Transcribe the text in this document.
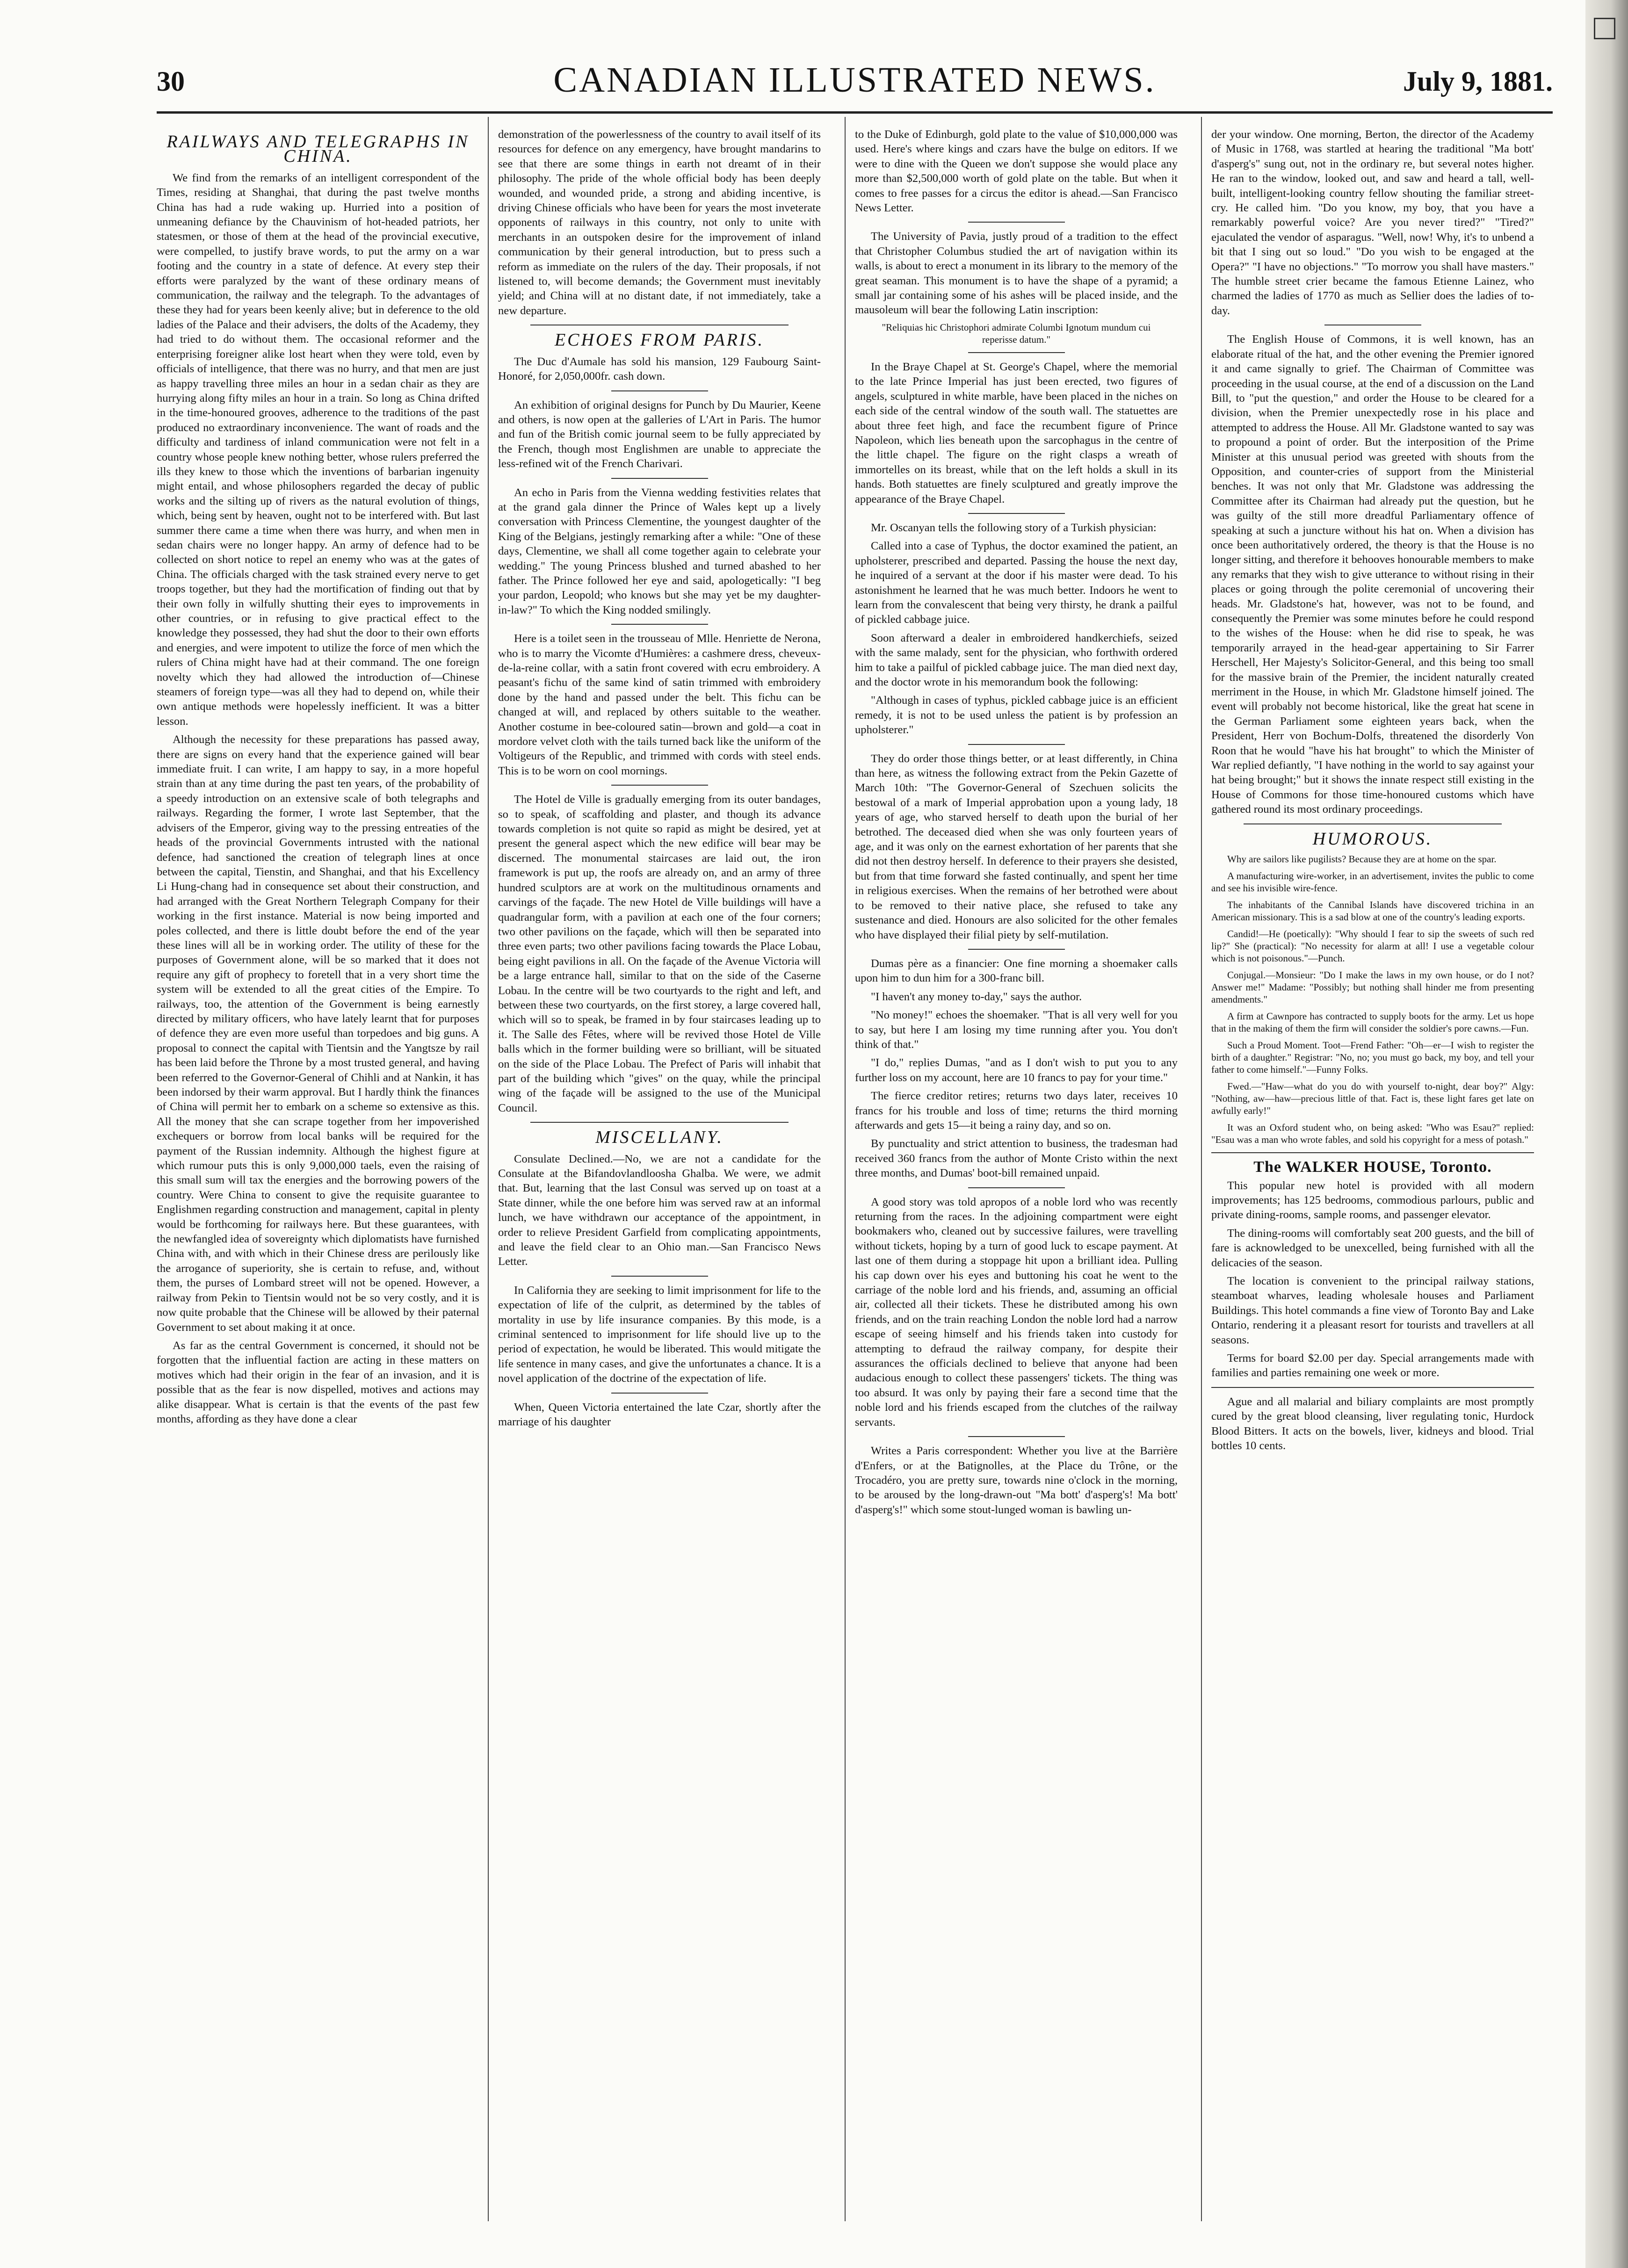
30	CANADIAN ILLUSTRATED NEWS.	July 9, 1881.
RAILWAYS AND TELEGRAPHS IN CHINA.

We find from the remarks of an intelligent correspondent of the Times, residing at Shanghai, that during the past twelve months China has had a rude waking up. Hurried into a position of unmeaning defiance by the Chauvinism of hot-headed patriots, her statesmen, or those of them at the head of the provincial executive, were compelled, to justify brave words, to put the army on a war footing and the country in a state of defence. At every step their efforts were paralyzed by the want of these ordinary means of communication, the railway and the telegraph. To the advantages of these they had for years been keenly alive; but in deference to the old ladies of the Palace and their advisers, the dolts of the Academy, they had tried to do without them. The occasional reformer and the enterprising foreigner alike lost heart when they were told, even by officials of intelligence, that there was no hurry, and that men are just as happy travelling three miles an hour in a sedan chair as they are hurrying along fifty miles an hour in a train. So long as China drifted in the time-honoured grooves, adherence to the traditions of the past produced no extraordinary inconvenience. The want of roads and the difficulty and tardiness of inland communication were not felt in a country whose people knew nothing better, whose rulers preferred the ills they knew to those which the inventions of barbarian ingenuity might entail, and whose philosophers regarded the decay of public works and the silting up of rivers as the natural evolution of things, which, being sent by heaven, ought not to be interfered with. But last summer there came a time when there was hurry, and when men in sedan chairs were no longer happy. An army of defence had to be collected on short notice to repel an enemy who was at the gates of China. The officials charged with the task strained every nerve to get troops together, but they had the mortification of finding out that by their own folly in wilfully shutting their eyes to improvements in other countries, or in refusing to give practical effect to the knowledge they possessed, they had shut the door to their own efforts and energies, and were impotent to utilize the force of men which the rulers of China might have had at their command. The one foreign novelty which they had allowed the introduction of—Chinese steamers of foreign type—was all they had to depend on, while their own antique methods were hopelessly inefficient. It was a bitter lesson.

Although the necessity for these preparations has passed away, there are signs on every hand that the experience gained will bear immediate fruit. I can write, I am happy to say, in a more hopeful strain than at any time during the past ten years, of the probability of a speedy introduction on an extensive scale of both telegraphs and railways. Regarding the former, I wrote last September, that the advisers of the Emperor, giving way to the pressing entreaties of the heads of the provincial Governments intrusted with the national defence, had sanctioned the creation of telegraph lines at once between the capital, Tienstin, and Shanghai, and that his Excellency Li Hung-chang had in consequence set about their construction, and had arranged with the Great Northern Telegraph Company for their working in the first instance. Material is now being imported and poles collected, and there is little doubt before the end of the year these lines will all be in working order. The utility of these for the purposes of Government alone, will be so marked that it does not require any gift of prophecy to foretell that in a very short time the system will be extended to all the great cities of the Empire. To railways, too, the attention of the Government is being earnestly directed by military officers, who have lately learnt that for purposes of defence they are even more useful than torpedoes and big guns. A proposal to connect the capital with Tientsin and the Yangtsze by rail has been laid before the Throne by a most trusted general, and having been referred to the Governor-General of Chihli and at Nankin, it has been indorsed by their warm approval. But I hardly think the finances of China will permit her to embark on a scheme so extensive as this. All the money that she can scrape together from her impoverished exchequers or borrow from local banks will be required for the payment of the Russian indemnity. Although the highest figure at which rumour puts this is only 9,000,000 taels, even the raising of this small sum will tax the energies and the borrowing powers of the country. Were China to consent to give the requisite guarantee to Englishmen regarding construction and management, capital in plenty would be forthcoming for railways here. But these guarantees, with the newfangled idea of sovereignty which diplomatists have furnished China with, and with which in their Chinese dress are perilously like the arrogance of superiority, she is certain to refuse, and, without them, the purses of Lombard street will not be opened. However, a railway from Pekin to Tientsin would not be so very costly, and it is now quite probable that the Chinese will be allowed by their paternal Government to set about making it at once.

As far as the central Government is concerned, it should not be forgotten that the influential faction are acting in these matters on motives which had their origin in the fear of an invasion, and it is possible that as the fear is now dispelled, motives and actions may alike disappear. What is certain is that the events of the past few months, affording as they have done a clear

demonstration of the powerlessness of the country to avail itself of its resources for defence on any emergency, have brought mandarins to see that there are some things in earth not dreamt of in their philosophy. The pride of the whole official body has been deeply wounded, and wounded pride, a strong and abiding incentive, is driving Chinese officials who have been for years the most inveterate opponents of railways in this country, not only to unite with merchants in an outspoken desire for the improvement of inland communication by their general introduction, but to press such a reform as immediate on the rulers of the day. Their proposals, if not listened to, will become demands; the Government must inevitably yield; and China will at no distant date, if not immediately, take a new departure.

ECHOES FROM PARIS.

The Duc d'Aumale has sold his mansion, 129 Faubourg Saint-Honoré, for 2,050,000fr. cash down.

An exhibition of original designs for Punch by Du Maurier, Keene and others, is now open at the galleries of L'Art in Paris. The humor and fun of the British comic journal seem to be fully appreciated by the French, though most Englishmen are unable to appreciate the less-refined wit of the French Charivari.

An echo in Paris from the Vienna wedding festivities relates that at the grand gala dinner the Prince of Wales kept up a lively conversation with Princess Clementine, the youngest daughter of the King of the Belgians, jestingly remarking after a while: "One of these days, Clementine, we shall all come together again to celebrate your wedding." The young Princess blushed and turned abashed to her father. The Prince followed her eye and said, apologetically: "I beg your pardon, Leopold; who knows but she may yet be my daughter-in-law?" To which the King nodded smilingly.

Here is a toilet seen in the trousseau of Mlle. Henriette de Nerona, who is to marry the Vicomte d'Humières: a cashmere dress, cheveux-de-la-reine collar, with a satin front covered with ecru embroidery. A peasant's fichu of the same kind of satin trimmed with embroidery done by the hand and passed under the belt. This fichu can be changed at will, and replaced by others suitable to the weather. Another costume in bee-coloured satin—brown and gold—a coat in mordore velvet cloth with the tails turned back like the uniform of the Voltigeurs of the Republic, and trimmed with cords with steel ends. This is to be worn on cool mornings.

The Hotel de Ville is gradually emerging from its outer bandages, so to speak, of scaffolding and plaster, and though its advance towards completion is not quite so rapid as might be desired, yet at present the general aspect which the new edifice will bear may be discerned. The monumental staircases are laid out, the iron framework is put up, the roofs are already on, and an army of three hundred sculptors are at work on the multitudinous ornaments and carvings of the façade. The new Hotel de Ville buildings will have a quadrangular form, with a pavilion at each one of the four corners; two other pavilions on the façade, which will then be separated into three even parts; two other pavilions facing towards the Place Lobau, being eight pavilions in all. On the façade of the Avenue Victoria will be a large entrance hall, similar to that on the side of the Caserne Lobau. In the centre will be two courtyards to the right and left, and between these two courtyards, on the first storey, a large covered hall, which will so to speak, be framed in by four staircases leading up to it. The Salle des Fêtes, where will be revived those Hotel de Ville balls which in the former building were so brilliant, will be situated on the side of the Place Lobau. The Prefect of Paris will inhabit that part of the building which "gives" on the quay, while the principal wing of the façade will be assigned to the use of the Municipal Council.

MISCELLANY.

Consulate Declined.—No, we are not a candidate for the Consulate at the Bifandovlandloosha Ghalba. We were, we admit that. But, learning that the last Consul was served up on toast at a State dinner, while the one before him was served raw at an informal lunch, we have withdrawn our acceptance of the appointment, in order to relieve President Garfield from complicating appointments, and leave the field clear to an Ohio man.—San Francisco News Letter.

In California they are seeking to limit imprisonment for life to the expectation of life of the culprit, as determined by the tables of mortality in use by life insurance companies. By this mode, is a criminal sentenced to imprisonment for life should live up to the period of expectation, he would be liberated. This would mitigate the life sentence in many cases, and give the unfortunates a chance. It is a novel application of the doctrine of the expectation of life.

When, Queen Victoria entertained the late Czar, shortly after the marriage of his daughter

to the Duke of Edinburgh, gold plate to the value of $10,000,000 was used. Here's where kings and czars have the bulge on editors. If we were to dine with the Queen we don't suppose she would place any more than $2,500,000 worth of gold plate on the table. But when it comes to free passes for a circus the editor is ahead.—San Francisco News Letter.

The University of Pavia, justly proud of a tradition to the effect that Christopher Columbus studied the art of navigation within its walls, is about to erect a monument in its library to the memory of the great seaman. This monument is to have the shape of a pyramid; a small jar containing some of his ashes will be placed inside, and the mausoleum will bear the following Latin inscription:

"Reliquias hic Christophori admirate Columbi Ignotum mundum cui reperisse datum."

In the Braye Chapel at St. George's Chapel, where the memorial to the late Prince Imperial has just been erected, two figures of angels, sculptured in white marble, have been placed in the niches on each side of the central window of the south wall. The statuettes are about three feet high, and face the recumbent figure of Prince Napoleon, which lies beneath upon the sarcophagus in the centre of the little chapel. The figure on the right clasps a wreath of immortelles on its breast, while that on the left holds a skull in its hands. Both statuettes are finely sculptured and greatly improve the appearance of the Braye Chapel.

Mr. Oscanyan tells the following story of a Turkish physician:

Called into a case of Typhus, the doctor examined the patient, an upholsterer, prescribed and departed. Passing the house the next day, he inquired of a servant at the door if his master were dead. To his astonishment he learned that he was much better. Indoors he went to learn from the convalescent that being very thirsty, he drank a pailful of pickled cabbage juice.

Soon afterward a dealer in embroidered handkerchiefs, seized with the same malady, sent for the physician, who forthwith ordered him to take a pailful of pickled cabbage juice. The man died next day, and the doctor wrote in his memorandum book the following:

"Although in cases of typhus, pickled cabbage juice is an efficient remedy, it is not to be used unless the patient is by profession an upholsterer."

They do order those things better, or at least differently, in China than here, as witness the following extract from the Pekin Gazette of March 10th: "The Governor-General of Szechuen solicits the bestowal of a mark of Imperial approbation upon a young lady, 18 years of age, who starved herself to death upon the burial of her betrothed. The deceased died when she was only fourteen years of age, and it was only on the earnest exhortation of her parents that she did not then destroy herself. In deference to their prayers she desisted, but from that time forward she fasted continually, and spent her time in religious exercises. When the remains of her betrothed were about to be removed to their native place, she refused to take any sustenance and died. Honours are also solicited for the other females who have displayed their filial piety by self-mutilation.

Dumas père as a financier: One fine morning a shoemaker calls upon him to dun him for a 300-franc bill.

"I haven't any money to-day," says the author.

"No money!" echoes the shoemaker. "That is all very well for you to say, but here I am losing my time running after you. You don't think of that."

"I do," replies Dumas, "and as I don't wish to put you to any further loss on my account, here are 10 francs to pay for your time."

The fierce creditor retires; returns two days later, receives 10 francs for his trouble and loss of time; returns the third morning afterwards and gets 15—it being a rainy day, and so on.

By punctuality and strict attention to business, the tradesman had received 360 francs from the author of Monte Cristo within the next three months, and Dumas' boot-bill remained unpaid.

A good story was told apropos of a noble lord who was recently returning from the races. In the adjoining compartment were eight bookmakers who, cleaned out by successive failures, were travelling without tickets, hoping by a turn of good luck to escape payment. At last one of them during a stoppage hit upon a brilliant idea. Pulling his cap down over his eyes and buttoning his coat he went to the carriage of the noble lord and his friends, and, assuming an official air, collected all their tickets. These he distributed among his own friends, and on the train reaching London the noble lord had a narrow escape of seeing himself and his friends taken into custody for attempting to defraud the railway company, for despite their assurances the officials declined to believe that anyone had been audacious enough to collect these passengers' tickets. The thing was too absurd. It was only by paying their fare a second time that the noble lord and his friends escaped from the clutches of the railway servants.

Writes a Paris correspondent: Whether you live at the Barrière d'Enfers, or at the Batignolles, at the Place du Trône, or the Trocadéro, you are pretty sure, towards nine o'clock in the morning, to be aroused by the long-drawn-out "Ma bott' d'asperg's! Ma bott' d'asperg's!" which some stout-lunged woman is bawling un-

der your window. One morning, Berton, the director of the Academy of Music in 1768, was startled at hearing the traditional "Ma bott' d'asperg's" sung out, not in the ordinary re, but several notes higher. He ran to the window, looked out, and saw and heard a tall, well-built, intelligent-looking country fellow shouting the familiar street-cry. He called him. "Do you know, my boy, that you have a remarkably powerful voice? Are you never tired?" "Tired?" ejaculated the vendor of asparagus. "Well, now! Why, it's to unbend a bit that I sing out so loud." "Do you wish to be engaged at the Opera?" "I have no objections." "To morrow you shall have masters." The humble street crier became the famous Etienne Lainez, who charmed the ladies of 1770 as much as Sellier does the ladies of to-day.

The English House of Commons, it is well known, has an elaborate ritual of the hat, and the other evening the Premier ignored it and came signally to grief. The Chairman of Committee was proceeding in the usual course, at the end of a discussion on the Land Bill, to "put the question," and order the House to be cleared for a division, when the Premier unexpectedly rose in his place and attempted to address the House. All Mr. Gladstone wanted to say was to propound a point of order. But the interposition of the Prime Minister at this unusual period was greeted with shouts from the Opposition, and counter-cries of support from the Ministerial benches. It was not only that Mr. Gladstone was addressing the Committee after its Chairman had already put the question, but he was guilty of the still more dreadful Parliamentary offence of speaking at such a juncture without his hat on. When a division has once been authoritatively ordered, the theory is that the House is no longer sitting, and therefore it behooves honourable members to make any remarks that they wish to give utterance to without rising in their places or going through the polite ceremonial of uncovering their heads. Mr. Gladstone's hat, however, was not to be found, and consequently the Premier was some minutes before he could respond to the wishes of the House: when he did rise to speak, he was temporarily arrayed in the head-gear appertaining to Sir Farrer Herschell, Her Majesty's Solicitor-General, and this being too small for the massive brain of the Premier, the incident naturally created merriment in the House, in which Mr. Gladstone himself joined. The event will probably not become historical, like the great hat scene in the German Parliament some eighteen years back, when the President, Herr von Bochum-Dolfs, threatened the disorderly Von Roon that he would "have his hat brought" to which the Minister of War replied defiantly, "I have nothing in the world to say against your hat being brought;" but it shows the innate respect still existing in the House of Commons for those time-honoured customs which have gathered round its most ordinary proceedings.

HUMOROUS.

Why are sailors like pugilists? Because they are at home on the spar.

A manufacturing wire-worker, in an advertisement, invites the public to come and see his invisible wire-fence.

The inhabitants of the Cannibal Islands have discovered trichina in an American missionary. This is a sad blow at one of the country's leading exports.

Candid!—He (poetically): "Why should I fear to sip the sweets of such red lip?" She (practical): "No necessity for alarm at all! I use a vegetable colour which is not poisonous."—Punch.

Conjugal.—Monsieur: "Do I make the laws in my own house, or do I not? Answer me!" Madame: "Possibly; but nothing shall hinder me from presenting amendments."

A firm at Cawnpore has contracted to supply boots for the army. Let us hope that in the making of them the firm will consider the soldier's pore cawns.—Fun.

Such a Proud Moment. Toot—Frend Father: "Oh—er—I wish to register the birth of a daughter." Registrar: "No, no; you must go back, my boy, and tell your father to come himself."—Funny Folks.

Fwed.—"Haw—what do you do with yourself to-night, dear boy?" Algy: "Nothing, aw—haw—precious little of that. Fact is, these light fares get late on awfully early!"

It was an Oxford student who, on being asked: "Who was Esau?" replied: "Esau was a man who wrote fables, and sold his copyright for a mess of potash."

The WALKER HOUSE, Toronto.

This popular new hotel is provided with all modern improvements; has 125 bedrooms, commodious parlours, public and private dining-rooms, sample rooms, and passenger elevator.

The dining-rooms will comfortably seat 200 guests, and the bill of fare is acknowledged to be unexcelled, being furnished with all the delicacies of the season.

The location is convenient to the principal railway stations, steamboat wharves, leading wholesale houses and Parliament Buildings. This hotel commands a fine view of Toronto Bay and Lake Ontario, rendering it a pleasant resort for tourists and travellers at all seasons.

Terms for board $2.00 per day. Special arrangements made with families and parties remaining one week or more.

Ague and all malarial and biliary complaints are most promptly cured by the great blood cleansing, liver regulating tonic, Hurdock Blood Bitters. It acts on the bowels, liver, kidneys and blood. Trial bottles 10 cents.
